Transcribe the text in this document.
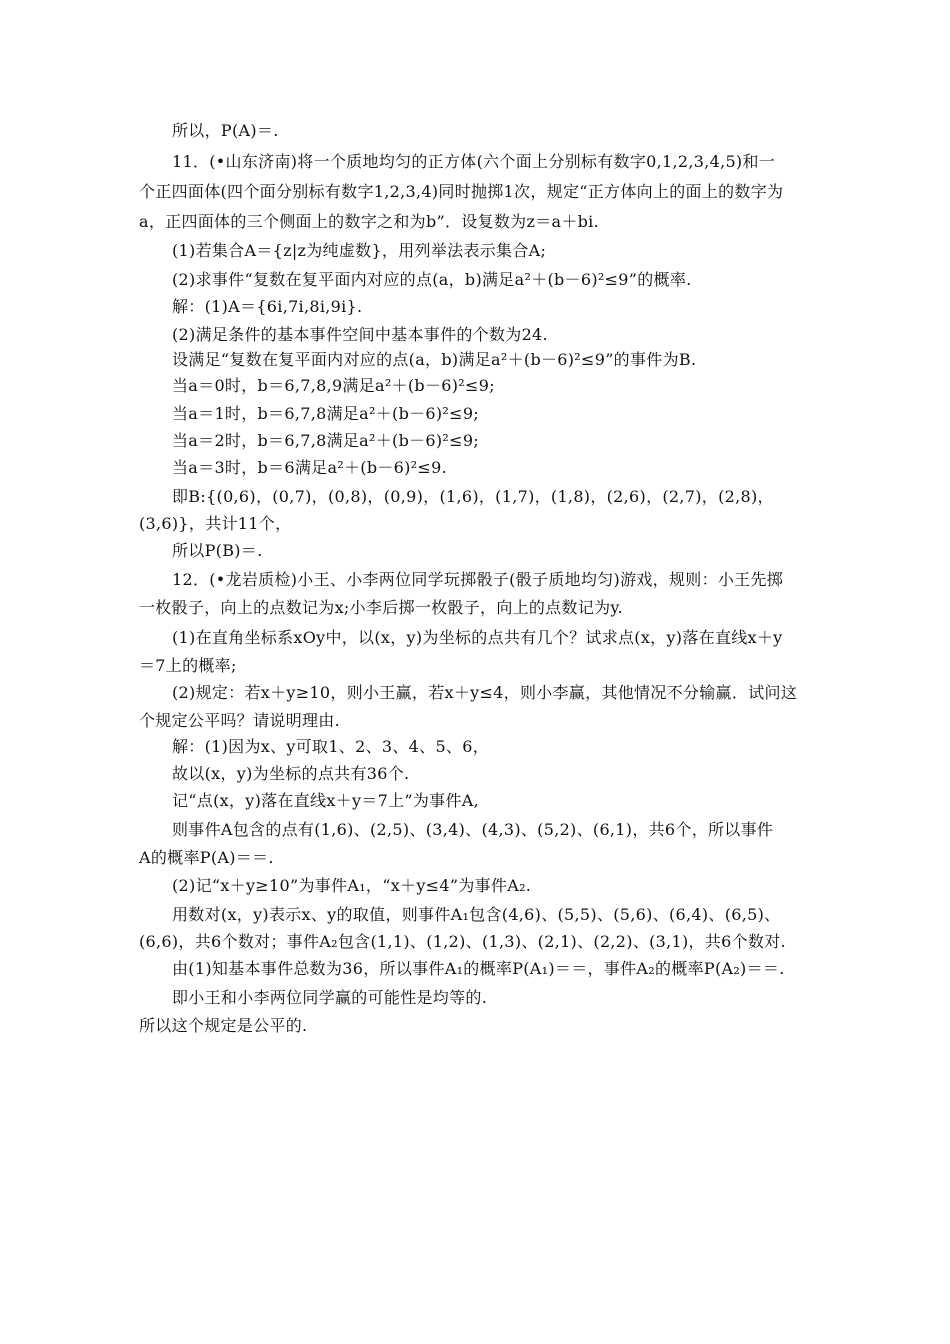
所以，P(A)＝.
11．(•山东济南)将一个质地均匀的正方体(六个面上分别标有数字0,1,2,3,4,5)和一
个正四面体(四个面分别标有数字1,2,3,4)同时抛掷1次，规定“正方体向上的面上的数字为
a，正四面体的三个侧面上的数字之和为b”．设复数为z＝a＋bi.
(1)若集合A＝{z|z为纯虚数}，用列举法表示集合A;
(2)求事件“复数在复平面内对应的点(a，b)满足a²＋(b－6)²≤9”的概率.
解：(1)A＝{6i,7i,8i,9i}.
(2)满足条件的基本事件空间中基本事件的个数为24.
设满足“复数在复平面内对应的点(a，b)满足a²＋(b－6)²≤9”的事件为B.
当a＝0时，b＝6,7,8,9满足a²＋(b－6)²≤9;
当a＝1时，b＝6,7,8满足a²＋(b－6)²≤9;
当a＝2时，b＝6,7,8满足a²＋(b－6)²≤9;
当a＝3时，b＝6满足a²＋(b－6)²≤9.
即B:{(0,6)，(0,7)，(0,8)，(0,9)，(1,6)，(1,7)，(1,8)，(2,6)，(2,7)，(2,8)，
(3,6)}，共计11个，
所以P(B)＝.
12．(•龙岩质检)小王、小李两位同学玩掷骰子(骰子质地均匀)游戏，规则：小王先掷
一枚骰子，向上的点数记为x;小李后掷一枚骰子，向上的点数记为y.
(1)在直角坐标系xOy中，以(x，y)为坐标的点共有几个？试求点(x，y)落在直线x＋y
＝7上的概率;
(2)规定：若x＋y≥10，则小王赢，若x＋y≤4，则小李赢，其他情况不分输赢．试问这
个规定公平吗？请说明理由.
解：(1)因为x、y可取1、2、3、4、5、6，
故以(x，y)为坐标的点共有36个.
记“点(x，y)落在直线x＋y＝7上”为事件A,
则事件A包含的点有(1,6)、(2,5)、(3,4)、(4,3)、(5,2)、(6,1)，共6个，所以事件
A的概率P(A)＝＝.
(2)记“x＋y≥10”为事件A₁，“x＋y≤4”为事件A₂.
用数对(x，y)表示x、y的取值，则事件A₁包含(4,6)、(5,5)、(5,6)、(6,4)、(6,5)、
(6,6)，共6个数对；事件A₂包含(1,1)、(1,2)、(1,3)、(2,1)、(2,2)、(3,1)，共6个数对.
由(1)知基本事件总数为36，所以事件A₁的概率P(A₁)＝＝，事件A₂的概率P(A₂)＝＝.
即小王和小李两位同学赢的可能性是均等的.
所以这个规定是公平的.
